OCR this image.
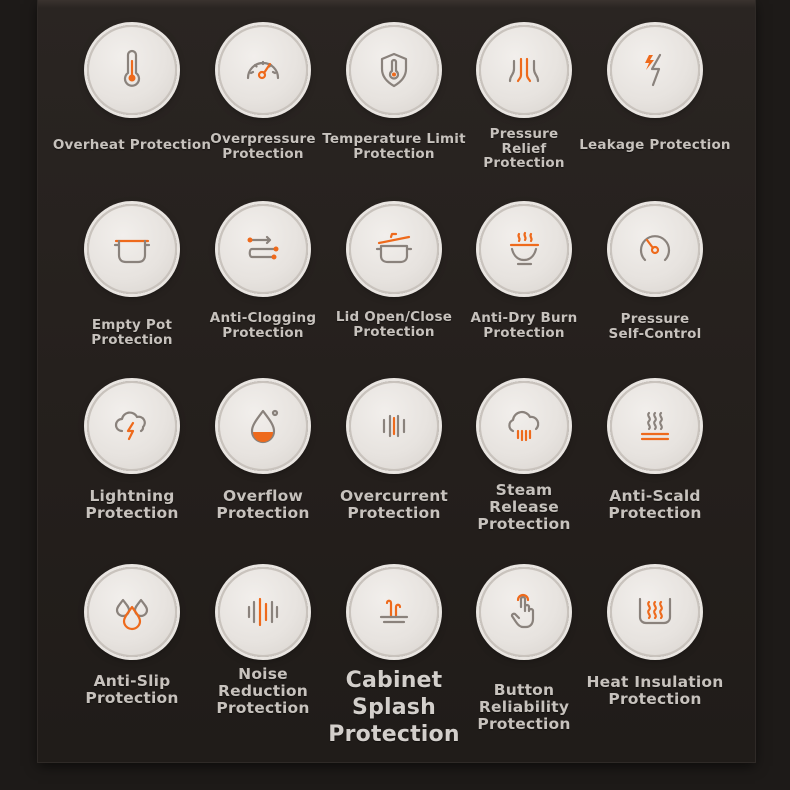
Overheat Protection Overpressure
Protection
Temperature Limit
Protection
Pressure
Relief
Protection
Leakage Protection
Empty Pot Protection
Anti-Clogging
Protection
Lid Open/Close
Protection
Anti-Dry Burn
Protection
Pressure
Self-Control
Lightning
Protection
Overflow
Protection
Overcurrent
Protection
Steam
Release
Protection
Anti-Scald
Protection
Anti-Slip
Protection
Noise
Reduction
Protection
Cabinet
Splash
Protection
Button
Reliability
Protection
Heat Insulation
Protection
